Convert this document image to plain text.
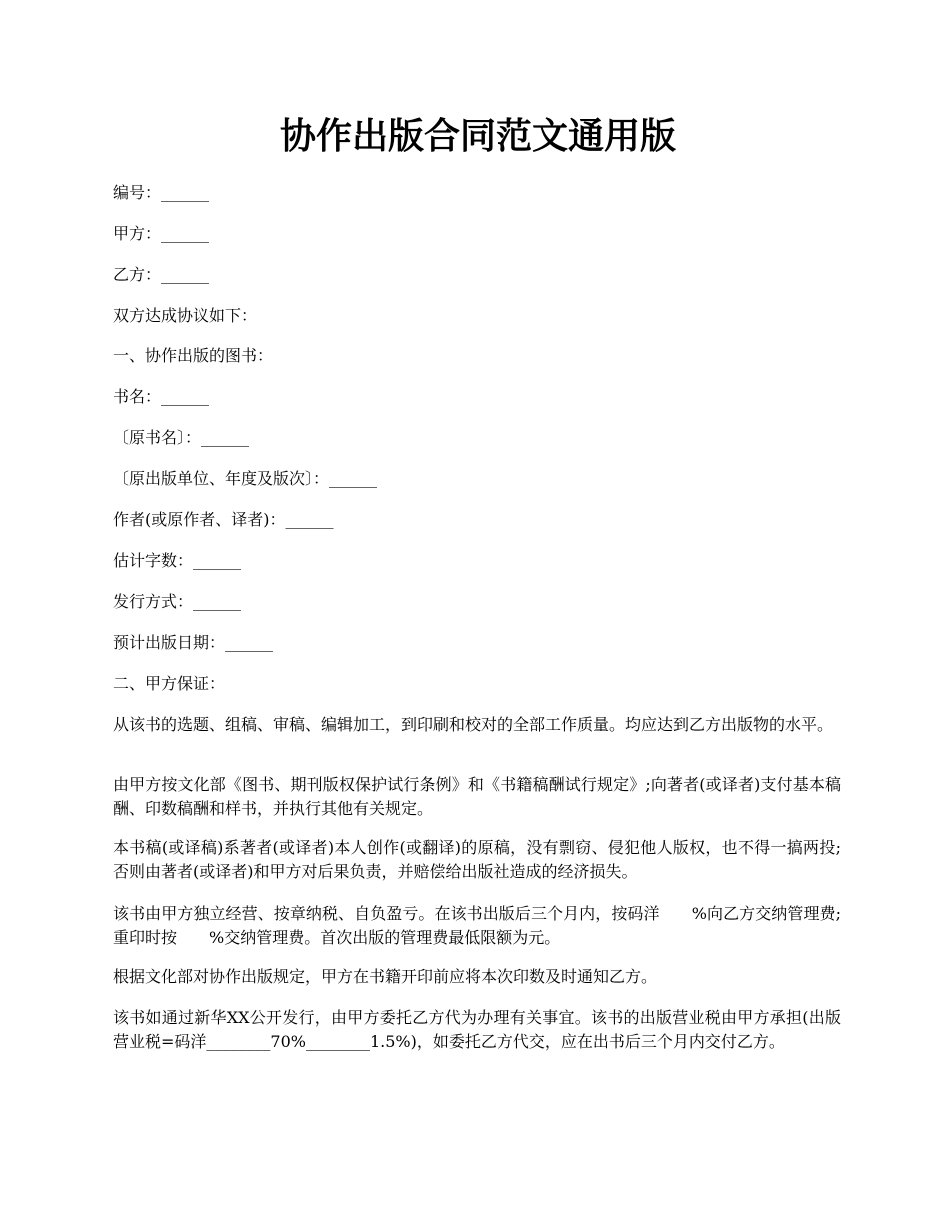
协作出版合同范文通用版

编号：______

甲方：______

乙方：______

双方达成协议如下：

一、协作出版的图书：

书名：______

〔原书名〕：______

〔原出版单位、年度及版次〕：______

作者(或原作者、译者)：______

估计字数：______

发行方式：______

预计出版日期：______

二、甲方保证：

从该书的选题、组稿、审稿、编辑加工，到印刷和校对的全部工作质量。均应达到乙方出版物的水平。

由甲方按文化部《图书、期刊版权保护试行条例》和《书籍稿酬试行规定》;向著者(或译者)支付基本稿酬、印数稿酬和样书，并执行其他有关规定。

本书稿(或译稿)系著者(或译者)本人创作(或翻译)的原稿，没有剽窃、侵犯他人版权，也不得一搞两投;否则由著者(或译者)和甲方对后果负责，并赔偿给出版社造成的经济损失。

该书由甲方独立经营、按章纳税、自负盈亏。在该书出版后三个月内，按码洋　　%向乙方交纳管理费;重印时按　　%交纳管理费。首次出版的管理费最低限额为元。

根据文化部对协作出版规定，甲方在书籍开印前应将本次印数及时通知乙方。

该书如通过新华XX公开发行，由甲方委托乙方代为办理有关事宜。该书的出版营业税由甲方承担(出版营业税=码洋________70%________1.5%)，如委托乙方代交，应在出书后三个月内交付乙方。
